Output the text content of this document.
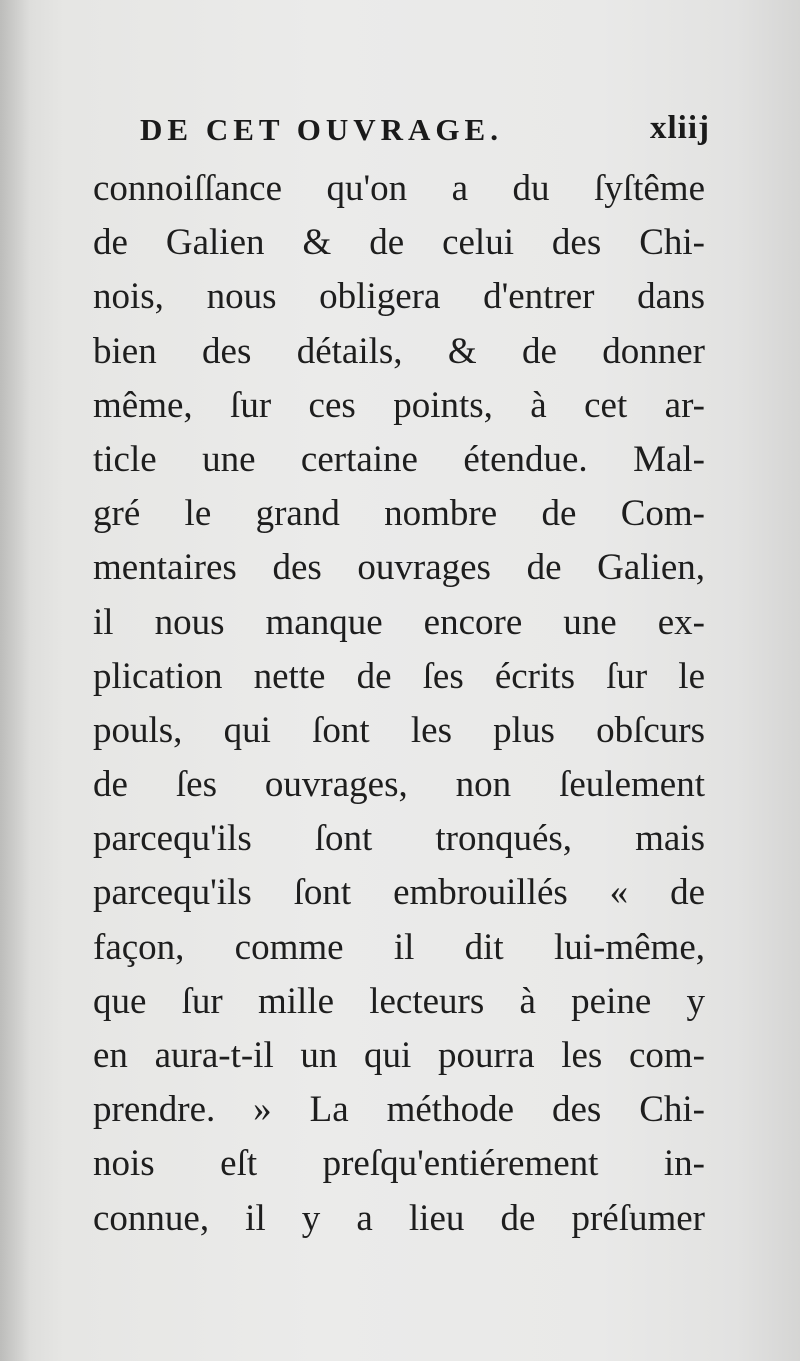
DE CET OUVRAGE.	xliij
connoiſſance qu'on a du ſyſtême
de Galien & de celui des Chi-
nois, nous obligera d'entrer dans
bien des détails, & de donner
même, ſur ces points, à cet ar-
ticle une certaine étendue. Mal-
gré le grand nombre de Com-
mentaires des ouvrages de Galien,
il nous manque encore une ex-
plication nette de ſes écrits ſur le
pouls, qui ſont les plus obſcurs
de ſes ouvrages, non ſeulement
parcequ'ils ſont tronqués, mais
parcequ'ils ſont embrouillés « de
façon, comme il dit lui-même,
que ſur mille lecteurs à peine y
en aura-t-il un qui pourra les com-
prendre. » La méthode des Chi-
nois eſt preſqu'entiérement in-
connue, il y a lieu de préſumer
